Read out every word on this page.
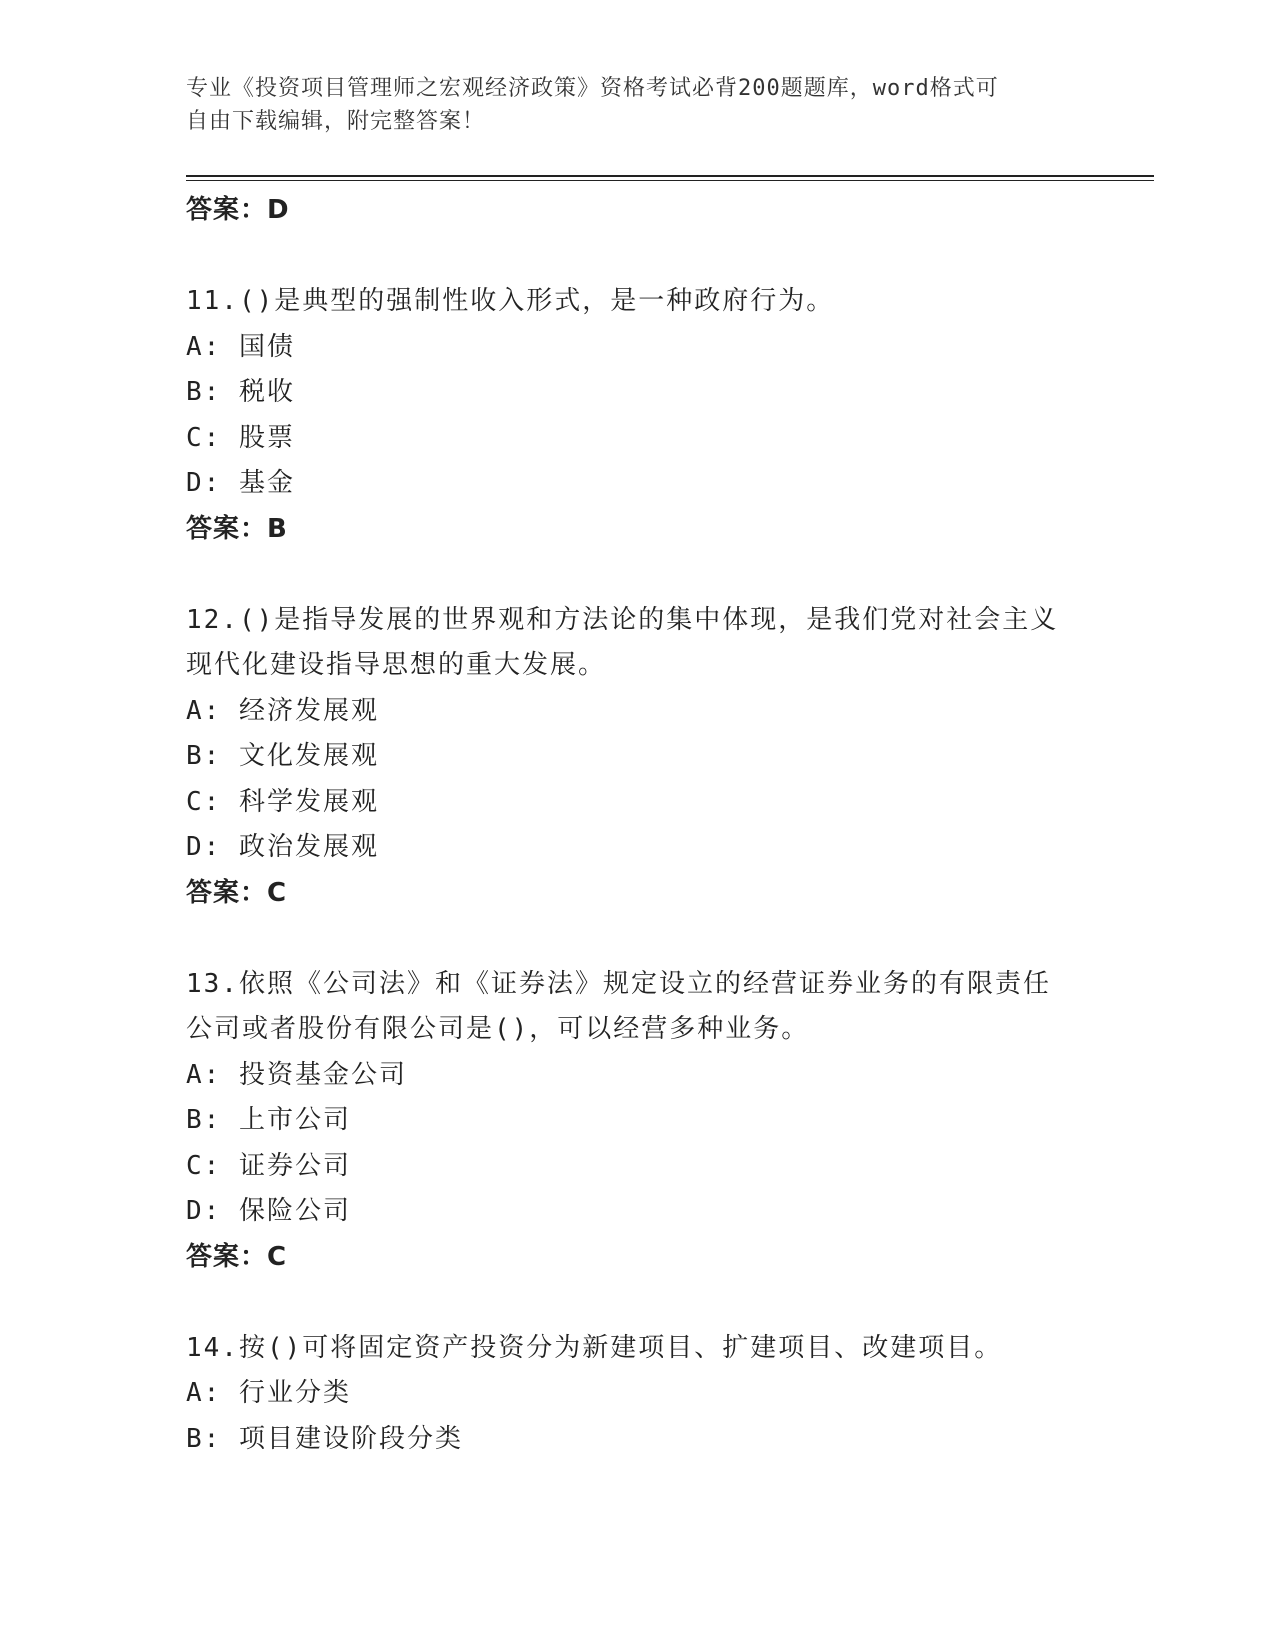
专业《投资项目管理师之宏观经济政策》资格考试必背200题题库，word格式可
自由下载编辑，附完整答案！
答案：D
11.()是典型的强制性收入形式，是一种政府行为。
A: 国债
B: 税收
C: 股票
D: 基金
答案：B
12.()是指导发展的世界观和方法论的集中体现，是我们党对社会主义
现代化建设指导思想的重大发展。
A: 经济发展观
B: 文化发展观
C: 科学发展观
D: 政治发展观
答案：C
13.依照《公司法》和《证券法》规定设立的经营证券业务的有限责任
公司或者股份有限公司是()，可以经营多种业务。
A: 投资基金公司
B: 上市公司
C: 证券公司
D: 保险公司
答案：C
14.按()可将固定资产投资分为新建项目、扩建项目、改建项目。
A: 行业分类
B: 项目建设阶段分类
